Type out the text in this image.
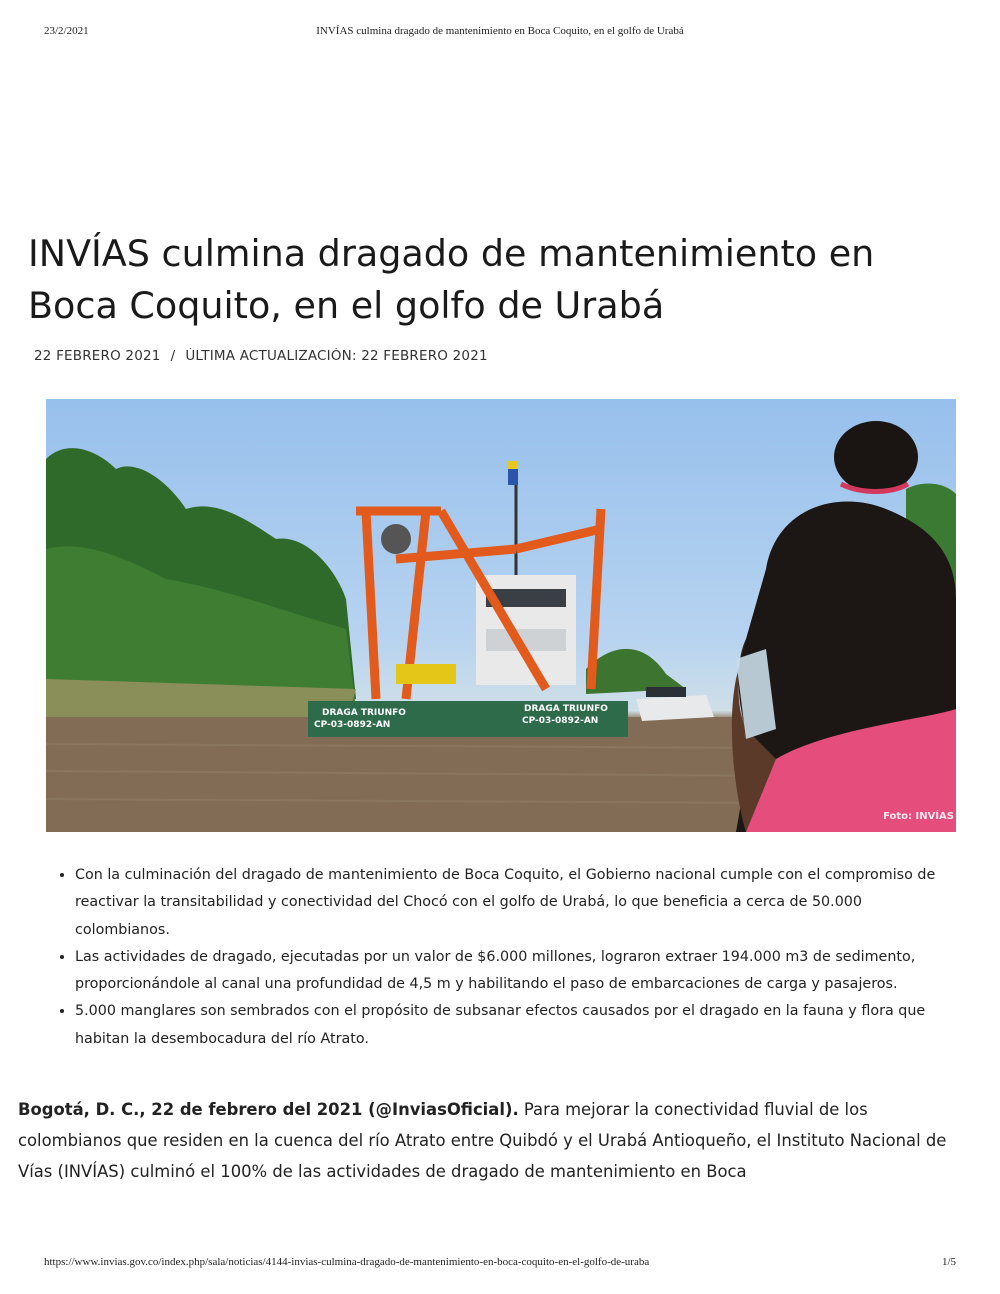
23/2/2021	INVÍAS culmina dragado de mantenimiento en Boca Coquito, en el golfo de Urabá
INVÍAS culmina dragado de mantenimiento en
Boca Coquito, en el golfo de Urabá
22 FEBRERO 2021 / ÚLTIMA ACTUALIZACIÓN: 22 FEBRERO 2021
DRAGA TRIUNFO
CP-03-0892-AN
DRAGA TRIUNFO
CP-03-0892-AN
Foto: INVÍAS
• Con la culminación del dragado de mantenimiento de Boca Coquito, el Gobierno nacional cumple con el compromiso de reactivar la transitabilidad y conectividad del Chocó con el golfo de Urabá, lo que beneficia a cerca de 50.000 colombianos.
• Las actividades de dragado, ejecutadas por un valor de $6.000 millones, lograron extraer 194.000 m3 de sedimento, proporcionándole al canal una profundidad de 4,5 m y habilitando el paso de embarcaciones de carga y pasajeros.
• 5.000 manglares son sembrados con el propósito de subsanar efectos causados por el dragado en la fauna y flora que habitan la desembocadura del río Atrato.

Bogotá, D. C., 22 de febrero del 2021 (@InviasOficial). Para mejorar la conectividad fluvial de los colombianos que residen en la cuenca del río Atrato entre Quibdó y el Urabá Antioqueño, el Instituto Nacional de Vías (INVÍAS) culminó el 100% de las actividades de dragado de mantenimiento en Boca

https://www.invias.gov.co/index.php/sala/noticias/4144-invias-culmina-dragado-de-mantenimiento-en-boca-coquito-en-el-golfo-de-uraba	1/5
